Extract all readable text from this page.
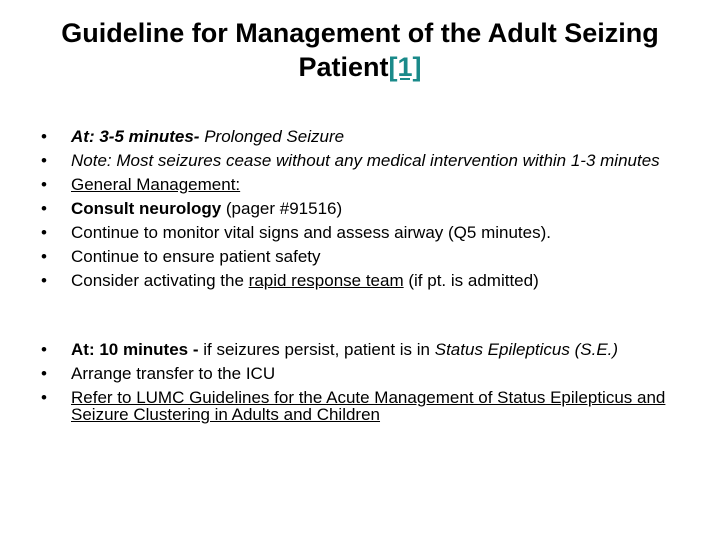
Guideline for Management of the Adult Seizing Patient[1]
• At: 3-5 minutes- Prolonged Seizure
• Note: Most seizures cease without any medical intervention within 1-3 minutes
• General Management:
• Consult neurology (pager #91516)
• Continue to monitor vital signs and assess airway (Q5 minutes).
• Continue to ensure patient safety
• Consider activating the rapid response team (if pt. is admitted)
• At: 10 minutes - if seizures persist, patient is in Status Epilepticus (S.E.)
• Arrange transfer to the ICU
• Refer to LUMC Guidelines for the Acute Management of Status Epilepticus and Seizure Clustering in Adults and Children
